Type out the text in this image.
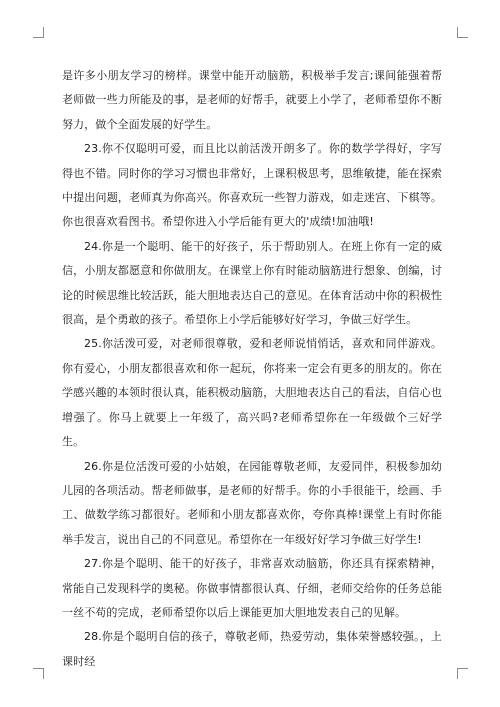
是许多小朋友学习的榜样。课堂中能开动脑筋，积极举手发言;课间能强着帮老师做一些力所能及的事，是老师的好帮手，就要上小学了，老师希望你不断努力，做个全面发展的好学生。

23.你不仅聪明可爱，而且比以前活泼开朗多了。你的数学学得好，字写得也不错。同时你的学习习惯也非常好，上课积极思考，思维敏捷，能在探索中提出问题，老师真为你高兴。你喜欢玩一些智力游戏，如走迷宫、下棋等。你也很喜欢看图书。希望你进入小学后能有更大的'成绩!加油哦!

24.你是一个聪明、能干的好孩子，乐于帮助别人。在班上你有一定的威信，小朋友都愿意和你做朋友。在课堂上你有时能动脑筋进行想象、创编，讨论的时候思维比较活跃，能大胆地表达自己的意见。在体育活动中你的积极性很高，是个勇敢的孩子。希望你上小学后能够好好学习，争做三好学生。

25.你活泼可爱，对老师很尊敬，爱和老师说悄悄话，喜欢和同伴游戏。你有爱心，小朋友都很喜欢和你一起玩，你将来一定会有更多的朋友的。你在学感兴趣的本领时很认真，能积极动脑筋，大胆地表达自己的看法，自信心也增强了。你马上就要上一年级了，高兴吗?老师希望你在一年级做个三好学生。

26.你是位活泼可爱的小姑娘，在园能尊敬老师，友爱同伴，积极参加幼儿园的各项活动。帮老师做事，是老师的好帮手。你的小手很能干，绘画、手工、做数学练习都很好。老师和小朋友都喜欢你，夸你真棒!课堂上有时你能举手发言，说出自己的不同意见。希望你在一年级好好学习争做三好学生!

27.你是个聪明、能干的好孩子，非常喜欢动脑筋，你还具有探索精神，常能自己发现科学的奥秘。你做事情都很认真、仔细，老师交给你的任务总能一丝不苟的完成，老师希望你以后上课能更加大胆地发表自己的见解。

28.你是个聪明自信的孩子，尊敬老师，热爱劳动，集体荣誉感较强。，上课时经
